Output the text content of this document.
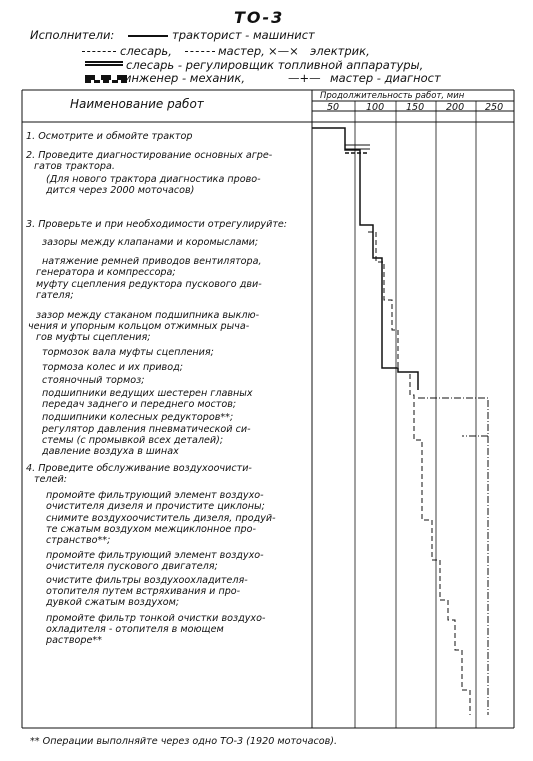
ТО-3
Исполнители:	тракторист - машинист
слесарь,	мастер, ×—× электрик,
слесарь - регулировщик топливной аппаратуры,
инженер - механик,	—+— мастер - диагност
Наименование работ
Продолжительность работ, мин
50	100 150 200 250
1. Осмотрите и обмойте трактор
2. Проведите диагностирование основных агре-
гатов трактора.
(Для нового трактора диагностика прово-
дится через 2000 моточасов)
3. Проверьте и при необходимости отрегулируйте:
зазоры между клапанами и коромыслами;
натяжение ремней приводов вентилятора,
генератора и компрессора;
муфту сцепления редуктора пускового дви-
гателя;
зазор между стаканом подшипника выклю-
чения и упорным кольцом отжимных рыча-
гов муфты сцепления;
тормозок вала муфты сцепления;
тормоза колес и их привод;
стояночный тормоз;
подшипники ведущих шестерен главных
передач заднего и переднего мостов;
подшипники колесных редукторов**;
регулятор давления пневматической си-
стемы (с промывкой всех деталей);
давление воздуха в шинах
4. Проведите обслуживание воздухоочисти-
телей:
промойте фильтрующий элемент воздухо-
очистителя дизеля и прочистите циклоны;
снимите воздухоочиститель дизеля, продуй-
те сжатым воздухом межциклонное про-
странство**;
промойте фильтрующий элемент воздухо-
очистителя пускового двигателя;
очистите фильтры воздухоохладителя-
отопителя путем встряхивания и про-
дувкой сжатым воздухом;
промойте фильтр тонкой очистки воздухо-
охладителя - отопителя в моющем
растворе**
** Операции выполняйте через одно ТО-3 (1920 моточасов).
